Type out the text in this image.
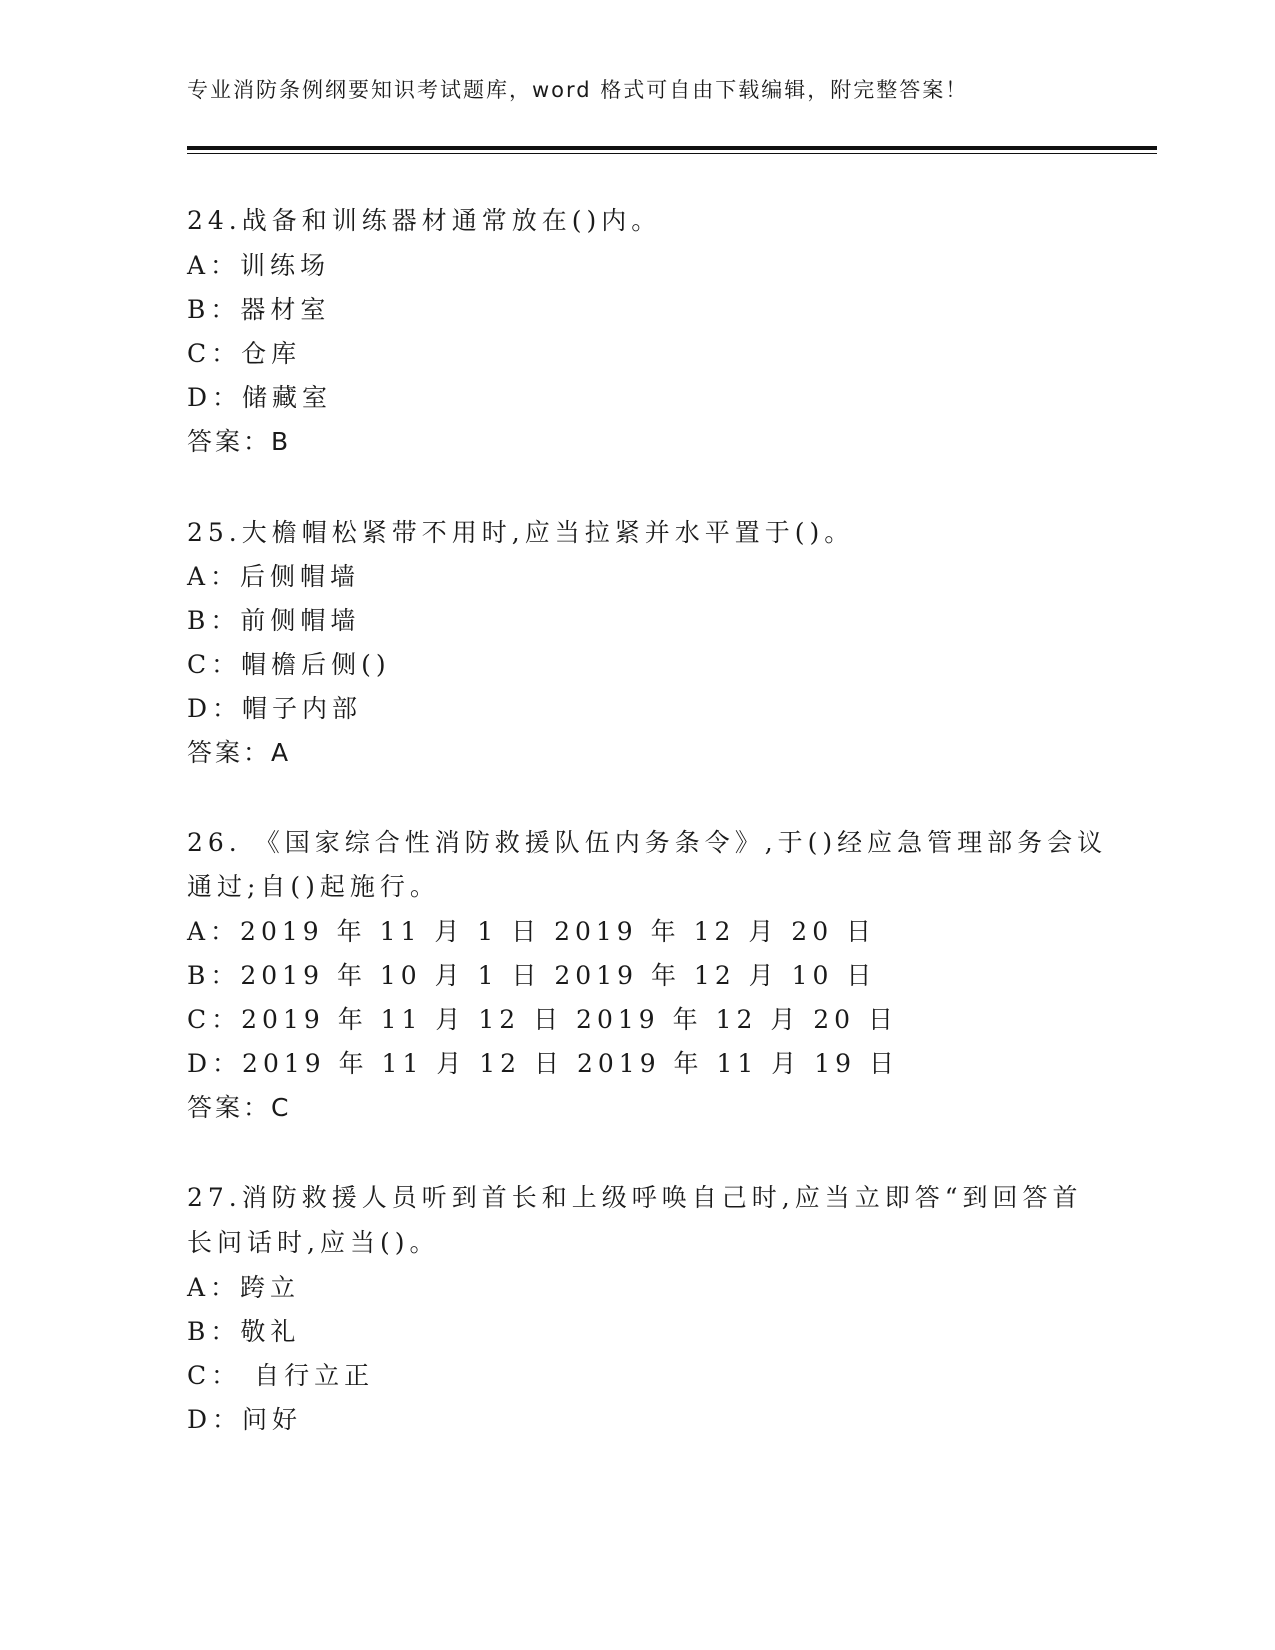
专业消防条例纲要知识考试题库，word 格式可自由下载编辑，附完整答案！
24.战备和训练器材通常放在()内。
A：训练场
B：器材室
C：仓库
D：储藏室
答案：B
25.大檐帽松紧带不用时,应当拉紧并水平置于()。
A：后侧帽墙
B：前侧帽墙
C：帽檐后侧()
D：帽子内部
答案：A
26. 《国家综合性消防救援队伍内务条令》,于()经应急管理部务会议
通过;自()起施行。
A：2019 年 11 月 1 日 2019 年 12 月 20 日
B：2019 年 10 月 1 日 2019 年 12 月 10 日
C：2019 年 11 月 12 日 2019 年 12 月 20 日
D：2019 年 11 月 12 日 2019 年 11 月 19 日
答案：C
27.消防救援人员听到首长和上级呼唤自己时,应当立即答“到回答首
长问话时,应当()。
A：跨立
B：敬礼
C： 自行立正
D：问好
